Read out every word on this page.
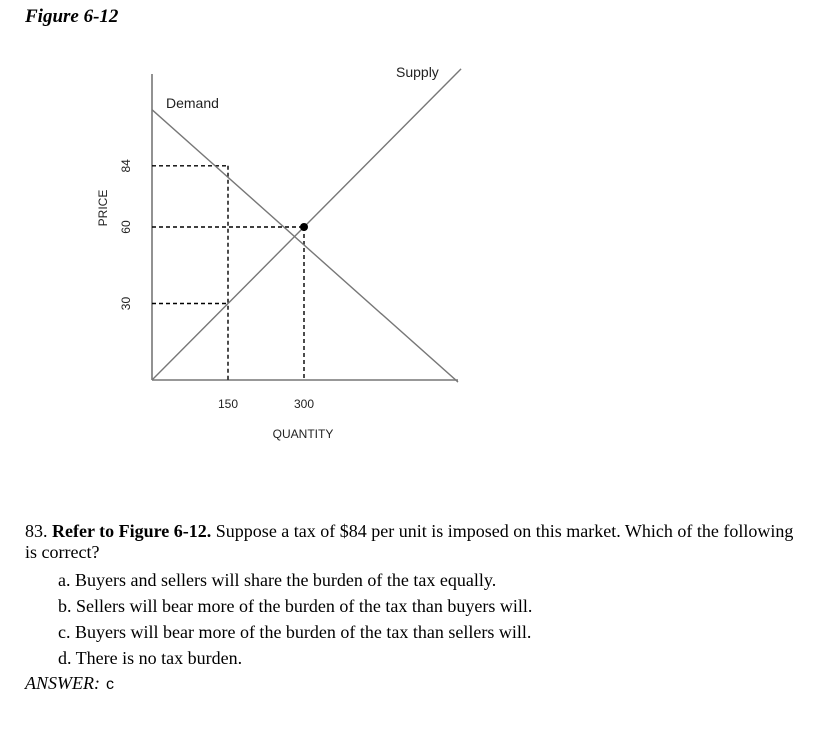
Figure 6-12
Demand
Supply
30
60
84
150	300
QUANTITY
PRICE

83. Refer to Figure 6-12. Suppose a tax of $84 per unit is imposed on this market. Which of the following is correct?

a. Buyers and sellers will share the burden of the tax equally.
b. Sellers will bear more of the burden of the tax than buyers will.
c. Buyers will bear more of the burden of the tax than sellers will.
d. There is no tax burden.

ANSWER: c
